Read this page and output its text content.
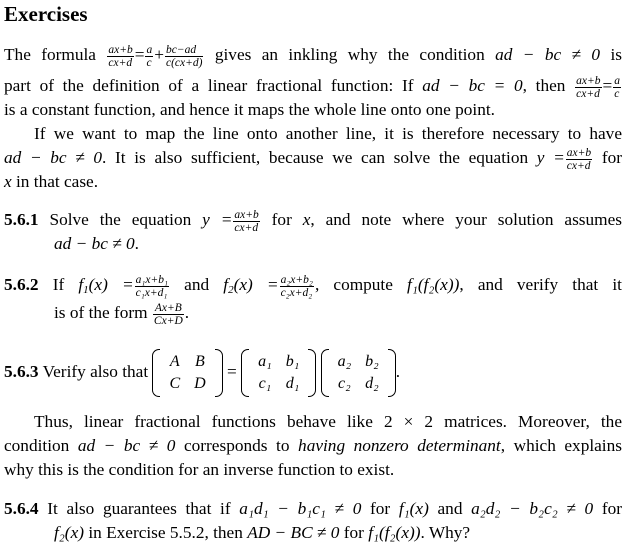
Exercises
The formula $\frac{ax+b}{cx+d} = \frac{a}{c} + \frac{bc-ad}{c(cx+d)}$ gives an inkling why the condition ad − bc ≠ 0 is
part of the definition of a linear fractional function: If ad − bc = 0, then $\frac{ax+b}{cx+d} = \frac{a}{c}$
is a constant function, and hence it maps the whole line onto one point.
If we want to map the line onto another line, it is therefore necessary to have
ad − bc ≠ 0. It is also sufficient, because we can solve the equation $y = \frac{ax+b}{cx+d}$ for
x in that case.
5.6.1 Solve the equation $y = \frac{ax+b}{cx+d}$ for x, and note where your solution assumes
ad − bc ≠ 0.
5.6.2 If $f_1(x) = \frac{\text{a₁x+b₁}}{\text{c₁x+d₁}}$ and $f_2(x) = \frac{\text{a₂x+b₂}}{\text{c₂x+d₂}}$ , compute f₁(f₂(x)), and verify that it
is of the form $\frac{Ax+B}{Cx+D}$ .
5.6.3 Verify also that
A	B
C	D
=
a₁	b₁
c₁	d₁

a₂	b₂
c₂	d₂
.
Thus, linear fractional functions behave like 2 × 2 matrices. Moreover, the
condition ad − bc ≠ 0 corresponds to having nonzero determinant, which explains
why this is the condition for an inverse function to exist.
5.6.4 It also guarantees that if a₁d₁ − b₁c₁ ≠ 0 for f₁(x) and a₂d₂ − b₂c₂ ≠ 0 for
f₂(x) in Exercise 5.5.2, then AD − BC ≠ 0 for f₁(f₂(x)). Why?
